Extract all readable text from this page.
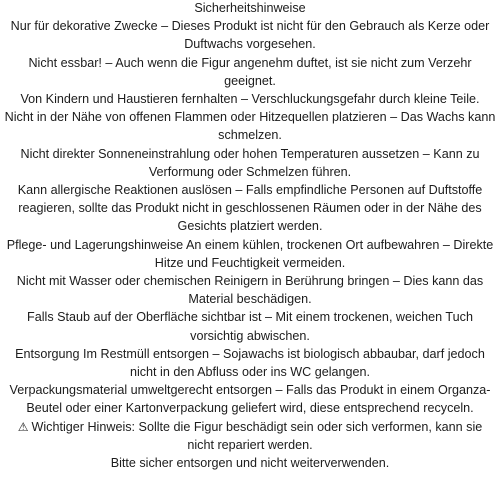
Sicherheitshinweise

Nur für dekorative Zwecke – Dieses Produkt ist nicht für den Gebrauch als Kerze oder Duftwachs vorgesehen.

Nicht essbar! – Auch wenn die Figur angenehm duftet, ist sie nicht zum Verzehr geeignet.

Von Kindern und Haustieren fernhalten – Verschluckungsgefahr durch kleine Teile.

Nicht in der Nähe von offenen Flammen oder Hitzequellen platzieren – Das Wachs kann schmelzen.

Nicht direkter Sonneneinstrahlung oder hohen Temperaturen aussetzen – Kann zu Verformung oder Schmelzen führen.

Kann allergische Reaktionen auslösen – Falls empfindliche Personen auf Duftstoffe reagieren, sollte das Produkt nicht in geschlossenen Räumen oder in der Nähe des Gesichts platziert werden.

Pflege- und Lagerungshinweise An einem kühlen, trockenen Ort aufbewahren – Direkte Hitze und Feuchtigkeit vermeiden.

Nicht mit Wasser oder chemischen Reinigern in Berührung bringen – Dies kann das Material beschädigen.

Falls Staub auf der Oberfläche sichtbar ist – Mit einem trockenen, weichen Tuch vorsichtig abwischen.

Entsorgung Im Restmüll entsorgen – Sojawachs ist biologisch abbaubar, darf jedoch nicht in den Abfluss oder ins WC gelangen.

Verpackungsmaterial umweltgerecht entsorgen – Falls das Produkt in einem Organza-Beutel oder einer Kartonverpackung geliefert wird, diese entsprechend recyceln.

⚠ Wichtiger Hinweis: Sollte die Figur beschädigt sein oder sich verformen, kann sie nicht repariert werden.

Bitte sicher entsorgen und nicht weiterverwenden.
